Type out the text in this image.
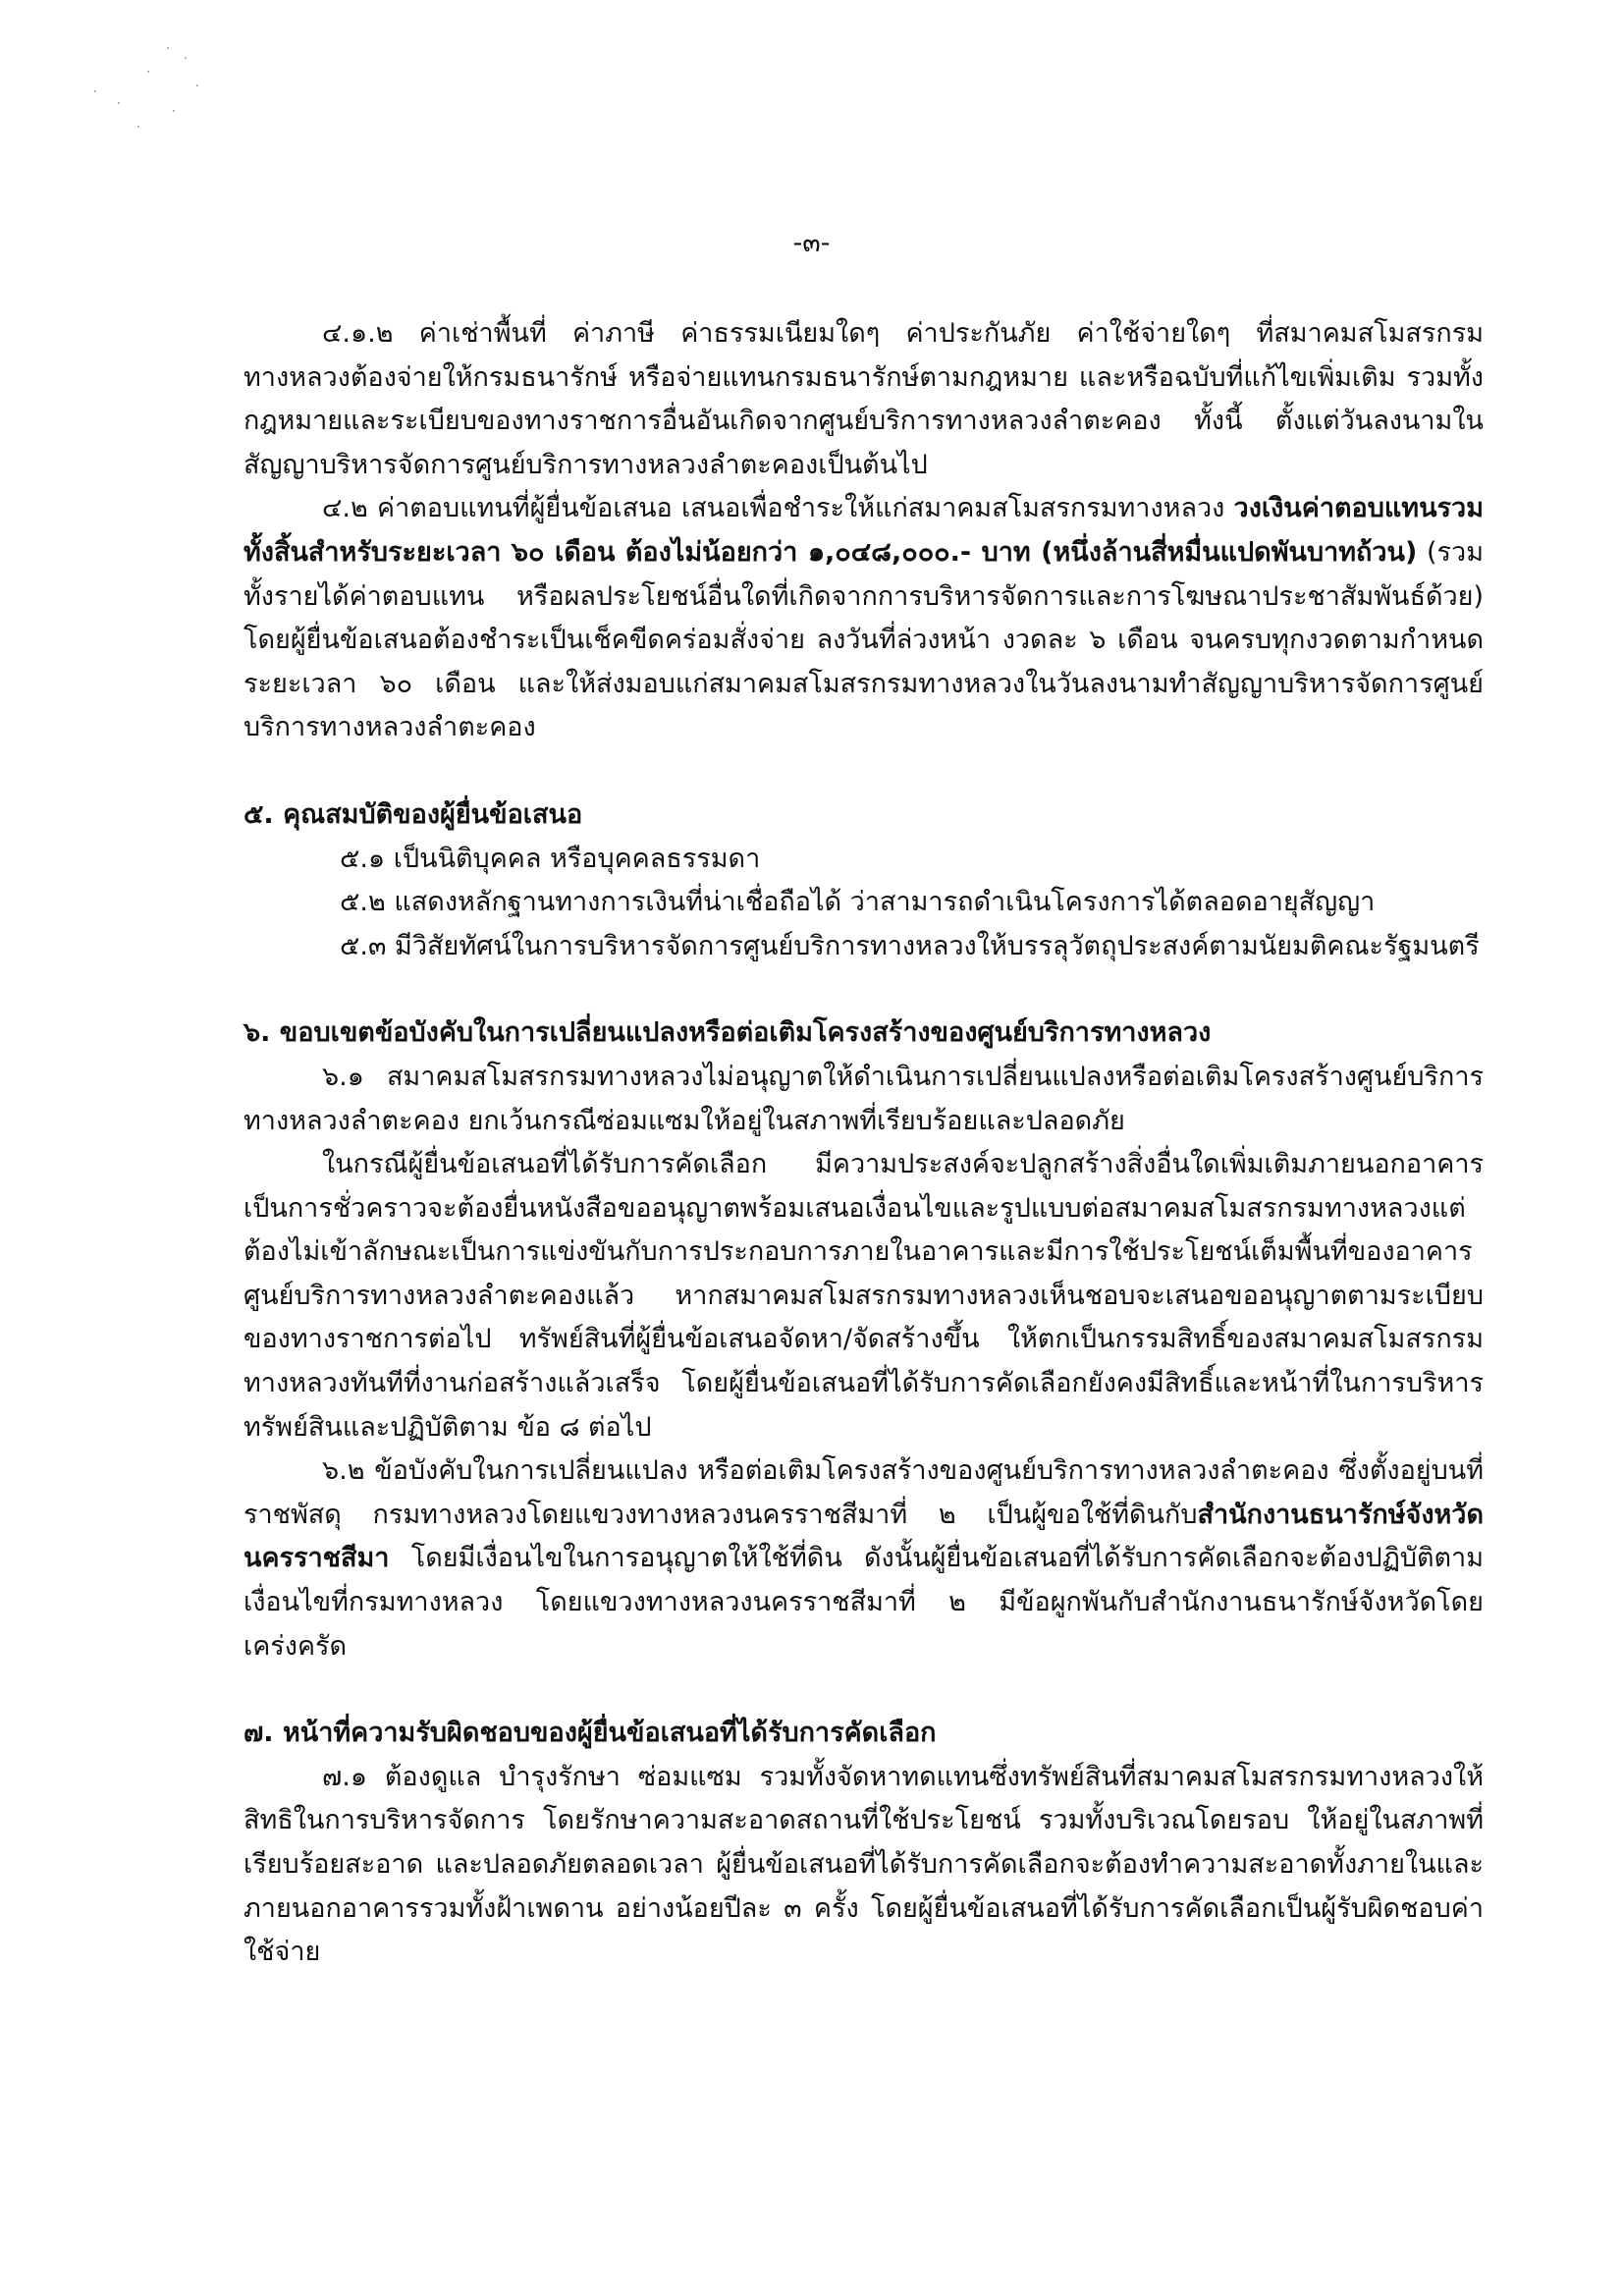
-๓-

๔.๑.๒ ค่าเช่าพื้นที่ ค่าภาษี ค่าธรรมเนียมใดๆ ค่าประกันภัย ค่าใช้จ่ายใดๆ ที่สมาคมสโมสรกรมทางหลวงต้องจ่ายให้กรมธนารักษ์ หรือจ่ายแทนกรมธนารักษ์ตามกฎหมาย และหรือฉบับที่แก้ไขเพิ่มเติม รวมทั้งกฎหมายและระเบียบของทางราชการอื่นอันเกิดจากศูนย์บริการทางหลวงลำตะคอง ทั้งนี้ ตั้งแต่วันลงนามในสัญญาบริหารจัดการศูนย์บริการทางหลวงลำตะคองเป็นต้นไป

๔.๒ ค่าตอบแทนที่ผู้ยื่นข้อเสนอ เสนอเพื่อชำระให้แก่สมาคมสโมสรกรมทางหลวง วงเงินค่าตอบแทนรวมทั้งสิ้นสำหรับระยะเวลา ๖๐ เดือน ต้องไม่น้อยกว่า ๑,๐๔๘,๐๐๐.- บาท (หนึ่งล้านสี่หมื่นแปดพันบาทถ้วน) (รวมทั้งรายได้ค่าตอบแทน หรือผลประโยชน์อื่นใดที่เกิดจากการบริหารจัดการและการโฆษณาประชาสัมพันธ์ด้วย) โดยผู้ยื่นข้อเสนอต้องชำระเป็นเช็คขีดคร่อมสั่งจ่าย ลงวันที่ล่วงหน้า งวดละ ๖ เดือน จนครบทุกงวดตามกำหนดระยะเวลา ๖๐ เดือน และให้ส่งมอบแก่สมาคมสโมสรกรมทางหลวงในวันลงนามทำสัญญาบริหารจัดการศูนย์บริการทางหลวงลำตะคอง

๕. คุณสมบัติของผู้ยื่นข้อเสนอ

๕.๑ เป็นนิติบุคคล หรือบุคคลธรรมดา

๕.๒ แสดงหลักฐานทางการเงินที่น่าเชื่อถือได้ ว่าสามารถดำเนินโครงการได้ตลอดอายุสัญญา

๕.๓ มีวิสัยทัศน์ในการบริหารจัดการศูนย์บริการทางหลวงให้บรรลุวัตถุประสงค์ตามนัยมติคณะรัฐมนตรี

๖. ขอบเขตข้อบังคับในการเปลี่ยนแปลงหรือต่อเติมโครงสร้างของศูนย์บริการทางหลวง

๖.๑ สมาคมสโมสรกรมทางหลวงไม่อนุญาตให้ดำเนินการเปลี่ยนแปลงหรือต่อเติมโครงสร้างศูนย์บริการทางหลวงลำตะคอง ยกเว้นกรณีซ่อมแซมให้อยู่ในสภาพที่เรียบร้อยและปลอดภัย

ในกรณีผู้ยื่นข้อเสนอที่ได้รับการคัดเลือก มีความประสงค์จะปลูกสร้างสิ่งอื่นใดเพิ่มเติมภายนอกอาคารเป็นการชั่วคราวจะต้องยื่นหนังสือขออนุญาตพร้อมเสนอเงื่อนไขและรูปแบบต่อสมาคมสโมสรกรมทางหลวงแต่ต้องไม่เข้าลักษณะเป็นการแข่งขันกับการประกอบการภายในอาคารและมีการใช้ประโยชน์เต็มพื้นที่ของอาคารศูนย์บริการทางหลวงลำตะคองแล้ว หากสมาคมสโมสรกรมทางหลวงเห็นชอบจะเสนอขออนุญาตตามระเบียบของทางราชการต่อไป ทรัพย์สินที่ผู้ยื่นข้อเสนอจัดหา/จัดสร้างขึ้น ให้ตกเป็นกรรมสิทธิ์ของสมาคมสโมสรกรมทางหลวงทันทีที่งานก่อสร้างแล้วเสร็จ โดยผู้ยื่นข้อเสนอที่ได้รับการคัดเลือกยังคงมีสิทธิ์และหน้าที่ในการบริหารทรัพย์สินและปฏิบัติตาม ข้อ ๘ ต่อไป

๖.๒ ข้อบังคับในการเปลี่ยนแปลง หรือต่อเติมโครงสร้างของศูนย์บริการทางหลวงลำตะคอง ซึ่งตั้งอยู่บนที่ราชพัสดุ กรมทางหลวงโดยแขวงทางหลวงนครราชสีมาที่ ๒ เป็นผู้ขอใช้ที่ดินกับสำนักงานธนารักษ์จังหวัดนครราชสีมา โดยมีเงื่อนไขในการอนุญาตให้ใช้ที่ดิน ดังนั้นผู้ยื่นข้อเสนอที่ได้รับการคัดเลือกจะต้องปฏิบัติตามเงื่อนไขที่กรมทางหลวง โดยแขวงทางหลวงนครราชสีมาที่ ๒ มีข้อผูกพันกับสำนักงานธนารักษ์จังหวัดโดยเคร่งครัด

๗. หน้าที่ความรับผิดชอบของผู้ยื่นข้อเสนอที่ได้รับการคัดเลือก

๗.๑ ต้องดูแล บำรุงรักษา ซ่อมแซม รวมทั้งจัดหาทดแทนซึ่งทรัพย์สินที่สมาคมสโมสรกรมทางหลวงให้สิทธิในการบริหารจัดการ โดยรักษาความสะอาดสถานที่ใช้ประโยชน์ รวมทั้งบริเวณโดยรอบ ให้อยู่ในสภาพที่เรียบร้อยสะอาด และปลอดภัยตลอดเวลา ผู้ยื่นข้อเสนอที่ได้รับการคัดเลือกจะต้องทำความสะอาดทั้งภายในและภายนอกอาคารรวมทั้งฝ้าเพดาน อย่างน้อยปีละ ๓ ครั้ง โดยผู้ยื่นข้อเสนอที่ได้รับการคัดเลือกเป็นผู้รับผิดชอบค่าใช้จ่าย
